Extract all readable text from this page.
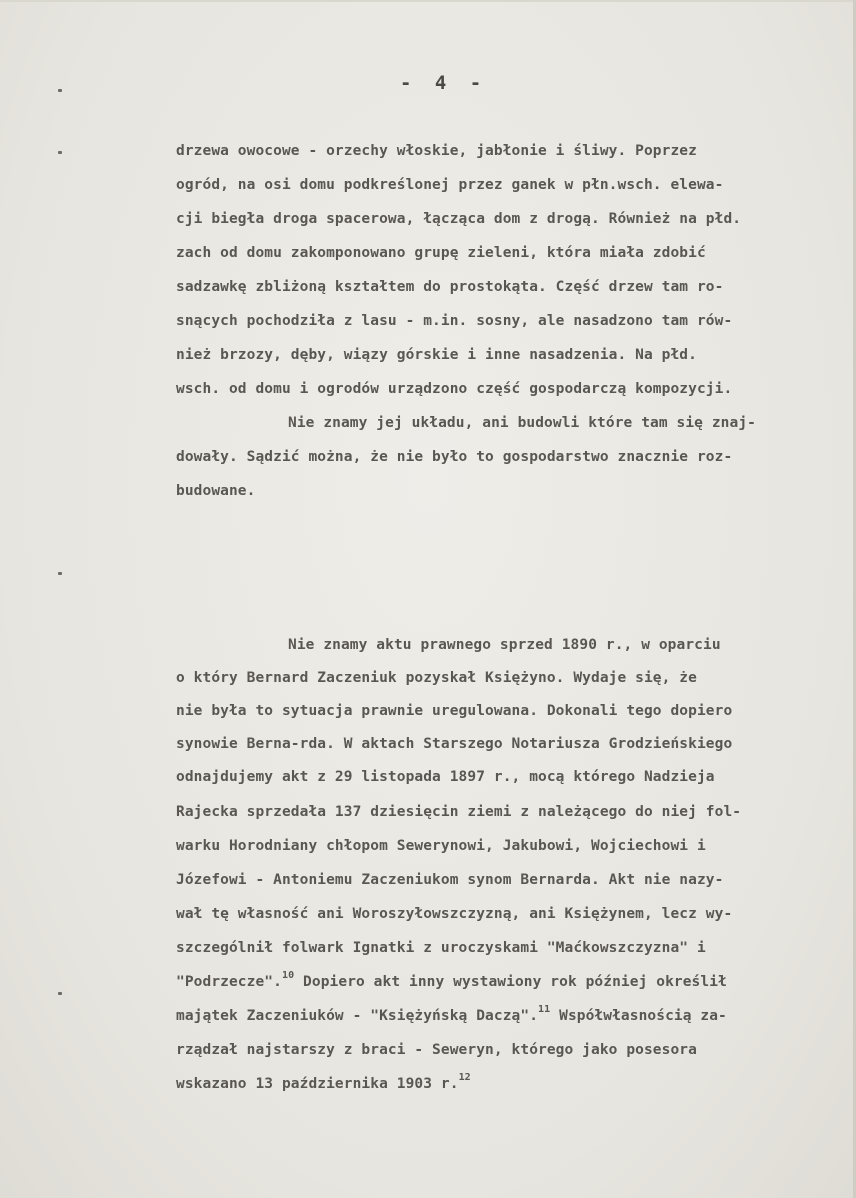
- 4 -
drzewa owocowe - orzechy włoskie, jabłonie i śliwy. Poprzez
ogród, na osi domu podkreślonej przez ganek w płn.wsch. elewa-
cji biegła droga spacerowa, łącząca dom z drogą. Również na płd.
zach od domu zakomponowano grupę zieleni, która miała zdobić
sadzawkę zbliżoną kształtem do prostokąta. Część drzew tam ro-
snących pochodziła z lasu - m.in. sosny, ale nasadzono tam rów-
nież brzozy, dęby, wiązy górskie i inne nasadzenia. Na płd.
wsch. od domu i ogrodów urządzono część gospodarczą kompozycji.
Nie znamy jej układu, ani budowli które tam się znaj-
dowały. Sądzić można, że nie było to gospodarstwo znacznie roz-
budowane.
Nie znamy aktu prawnego sprzed 1890 r., w oparciu
o który Bernard Zaczeniuk pozyskał Księżyno. Wydaje się, że
nie była to sytuacja prawnie uregulowana. Dokonali tego dopiero
synowie Berna-rda. W aktach Starszego Notariusza Grodzieńskiego
odnajdujemy akt z 29 listopada 1897 r., mocą którego Nadzieja
Rajecka sprzedała 137 dziesięcin ziemi z należącego do niej fol-
warku Horodniany chłopom Sewerynowi, Jakubowi, Wojciechowi i
Józefowi - Antoniemu Zaczeniukom synom Bernarda. Akt nie nazy-
wał tę własność ani Woroszyłowszczyzną, ani Księżynem, lecz wy-
szczególnił folwark Ignatki z uroczyskami "Maćkowszczyzna" i
"Podrzecze".$^{10}$ Dopiero akt inny wystawiony rok później określił
majątek Zaczeniuków - "Księżyńską Daczą".$^{11}$ Współwłasnością za-
rządzał najstarszy z braci - Seweryn, którego jako posesora
wskazano 13 października 1903 r.$^{12}$
